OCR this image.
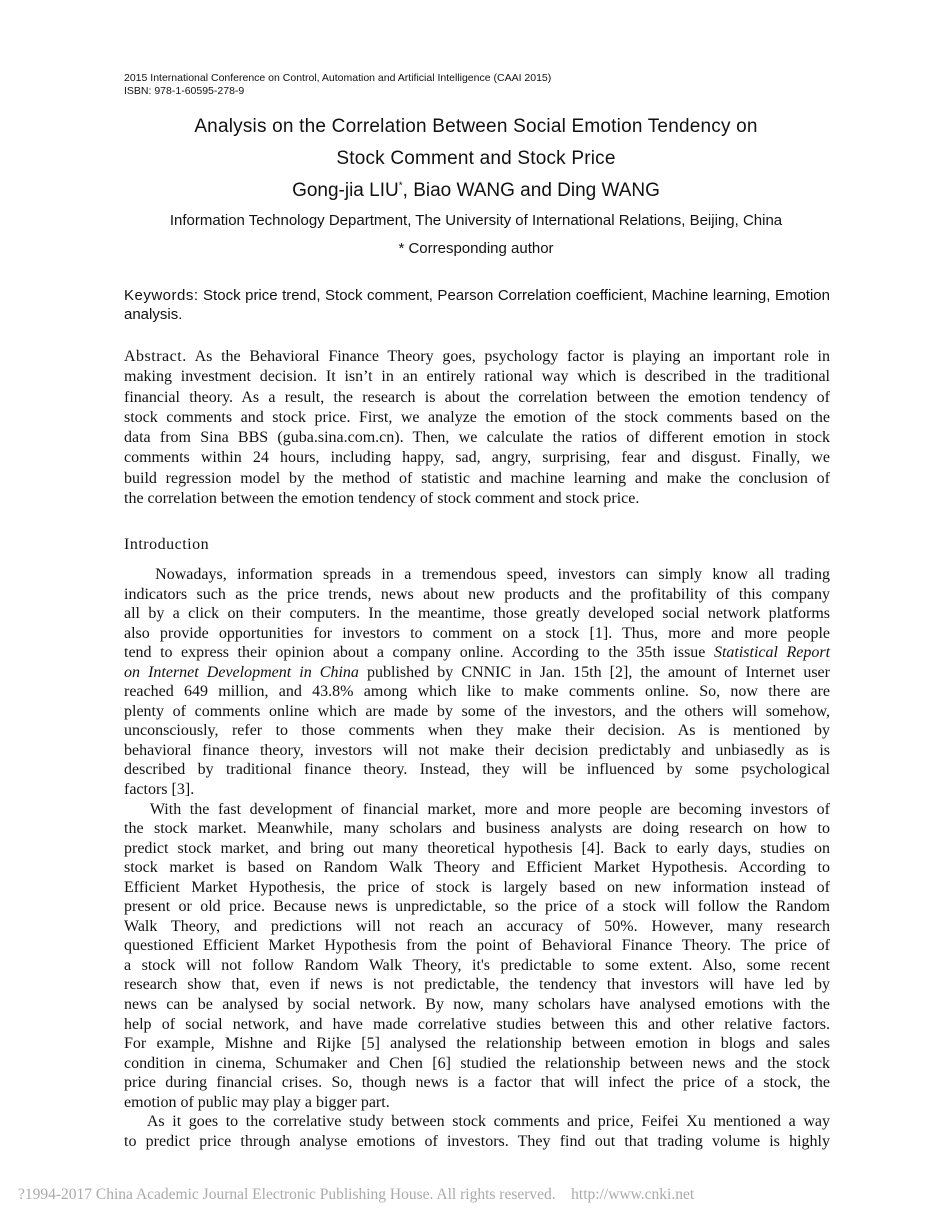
2015 International Conference on Control, Automation and Artificial Intelligence (CAAI 2015)
ISBN: 978-1-60595-278-9
Analysis on the Correlation Between Social Emotion Tendency on
Stock Comment and Stock Price
Gong-jia LIU*, Biao WANG and Ding WANG
Information Technology Department, The University of International Relations, Beijing, China
* Corresponding author
Keywords: Stock price trend, Stock comment, Pearson Correlation coefficient, Machine learning, Emotion analysis.
Abstract. As the Behavioral Finance Theory goes, psychology factor is playing an important role in
making investment decision. It isn’t in an entirely rational way which is described in the traditional
financial theory. As a result, the research is about the correlation between the emotion tendency of
stock comments and stock price. First, we analyze the emotion of the stock comments based on the
data from Sina BBS (guba.sina.com.cn). Then, we calculate the ratios of different emotion in stock
comments within 24 hours, including happy, sad, angry, surprising, fear and disgust. Finally, we
build regression model by the method of statistic and machine learning and make the conclusion of
the correlation between the emotion tendency of stock comment and stock price.
Introduction
Nowadays, information spreads in a tremendous speed, investors can simply know all trading
indicators such as the price trends, news about new products and the profitability of this company
all by a click on their computers. In the meantime, those greatly developed social network platforms
also provide opportunities for investors to comment on a stock [1]. Thus, more and more people
tend to express their opinion about a company online. According to the 35th issue Statistical Report
on Internet Development in China published by CNNIC in Jan. 15th [2], the amount of Internet user
reached 649 million, and 43.8% among which like to make comments online. So, now there are
plenty of comments online which are made by some of the investors, and the others will somehow,
unconsciously, refer to those comments when they make their decision. As is mentioned by
behavioral finance theory, investors will not make their decision predictably and unbiasedly as is
described by traditional finance theory. Instead, they will be influenced by some psychological
factors [3].
With the fast development of financial market, more and more people are becoming investors of
the stock market. Meanwhile, many scholars and business analysts are doing research on how to
predict stock market, and bring out many theoretical hypothesis [4]. Back to early days, studies on
stock market is based on Random Walk Theory and Efficient Market Hypothesis. According to
Efficient Market Hypothesis, the price of stock is largely based on new information instead of
present or old price. Because news is unpredictable, so the price of a stock will follow the Random
Walk Theory, and predictions will not reach an accuracy of 50%. However, many research
questioned Efficient Market Hypothesis from the point of Behavioral Finance Theory. The price of
a stock will not follow Random Walk Theory, it's predictable to some extent. Also, some recent
research show that, even if news is not predictable, the tendency that investors will have led by
news can be analysed by social network. By now, many scholars have analysed emotions with the
help of social network, and have made correlative studies between this and other relative factors.
For example, Mishne and Rijke [5] analysed the relationship between emotion in blogs and sales
condition in cinema, Schumaker and Chen [6] studied the relationship between news and the stock
price during financial crises. So, though news is a factor that will infect the price of a stock, the
emotion of public may play a bigger part.
As it goes to the correlative study between stock comments and price, Feifei Xu mentioned a way
to predict price through analyse emotions of investors. They find out that trading volume is highly
?1994-2017 China Academic Journal Electronic Publishing House. All rights reserved.    http://www.cnki.net
